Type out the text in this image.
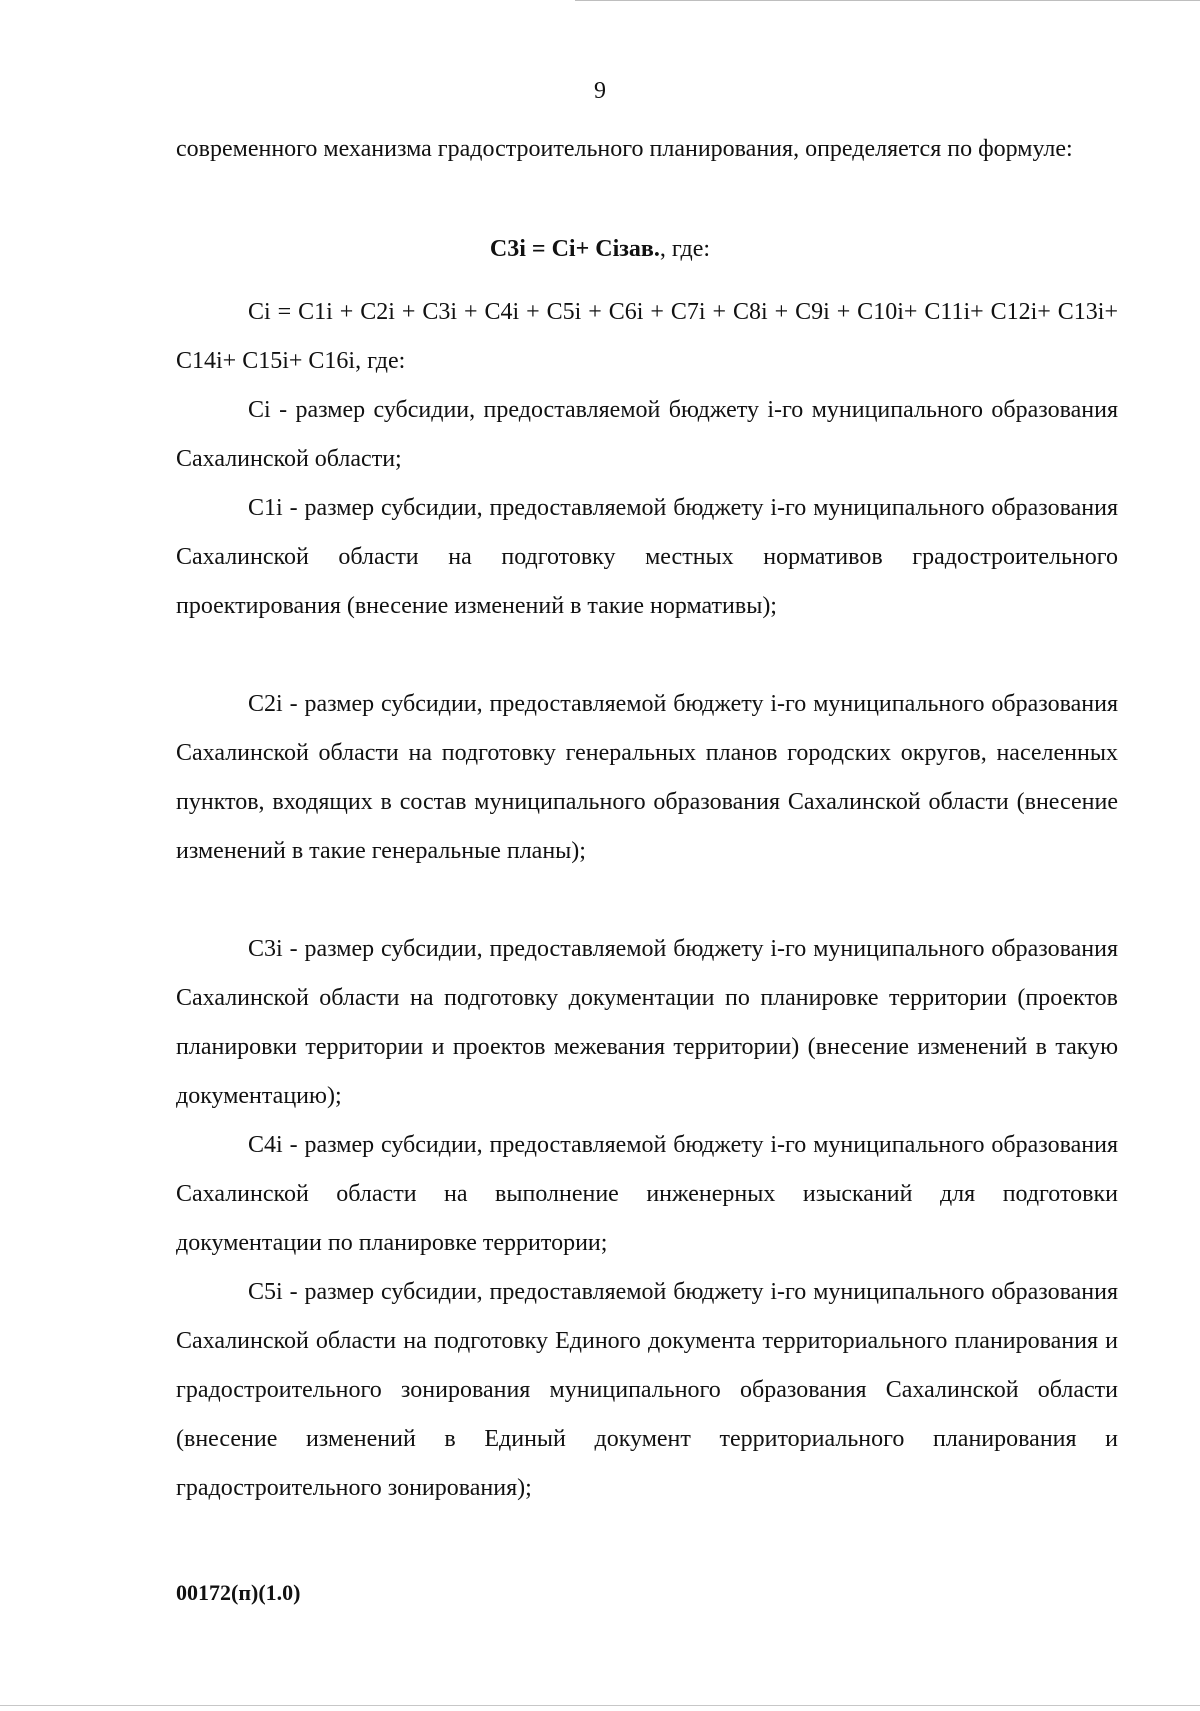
9

современного механизма градостроительного планирования, определяется по формуле:

С3i = Сi+ Сiзав., где:

Сi = С1i + С2i + С3i + С4i + С5i + С6i + С7i + С8i + С9i + С10i+ С11i+ С12i+ С13i+ С14i+ С15i+ С16i, где:

Сi - размер субсидии, предоставляемой бюджету i-го муниципального образования Сахалинской области;

С1i - размер субсидии, предоставляемой бюджету i-го муниципального образования Сахалинской области на подготовку местных нормативов градостроительного проектирования (внесение изменений в такие нормативы);

С2i - размер субсидии, предоставляемой бюджету i-го муниципального образования Сахалинской области на подготовку генеральных планов городских округов, населенных пунктов, входящих в состав муниципального образования Сахалинской области (внесение изменений в такие генеральные планы);

С3i - размер субсидии, предоставляемой бюджету i-го муниципального образования Сахалинской области на подготовку документации по планировке территории (проектов планировки территории и проектов межевания территории) (внесение изменений в такую документацию);

С4i - размер субсидии, предоставляемой бюджету i-го муниципального образования Сахалинской области на выполнение инженерных изысканий для подготовки документации по планировке территории;

С5i - размер субсидии, предоставляемой бюджету i-го муниципального образования Сахалинской области на подготовку Единого документа территориального планирования и градостроительного зонирования муниципального образования Сахалинской области (внесение изменений в Единый документ территориального планирования и градостроительного зонирования);

00172(п)(1.0)
